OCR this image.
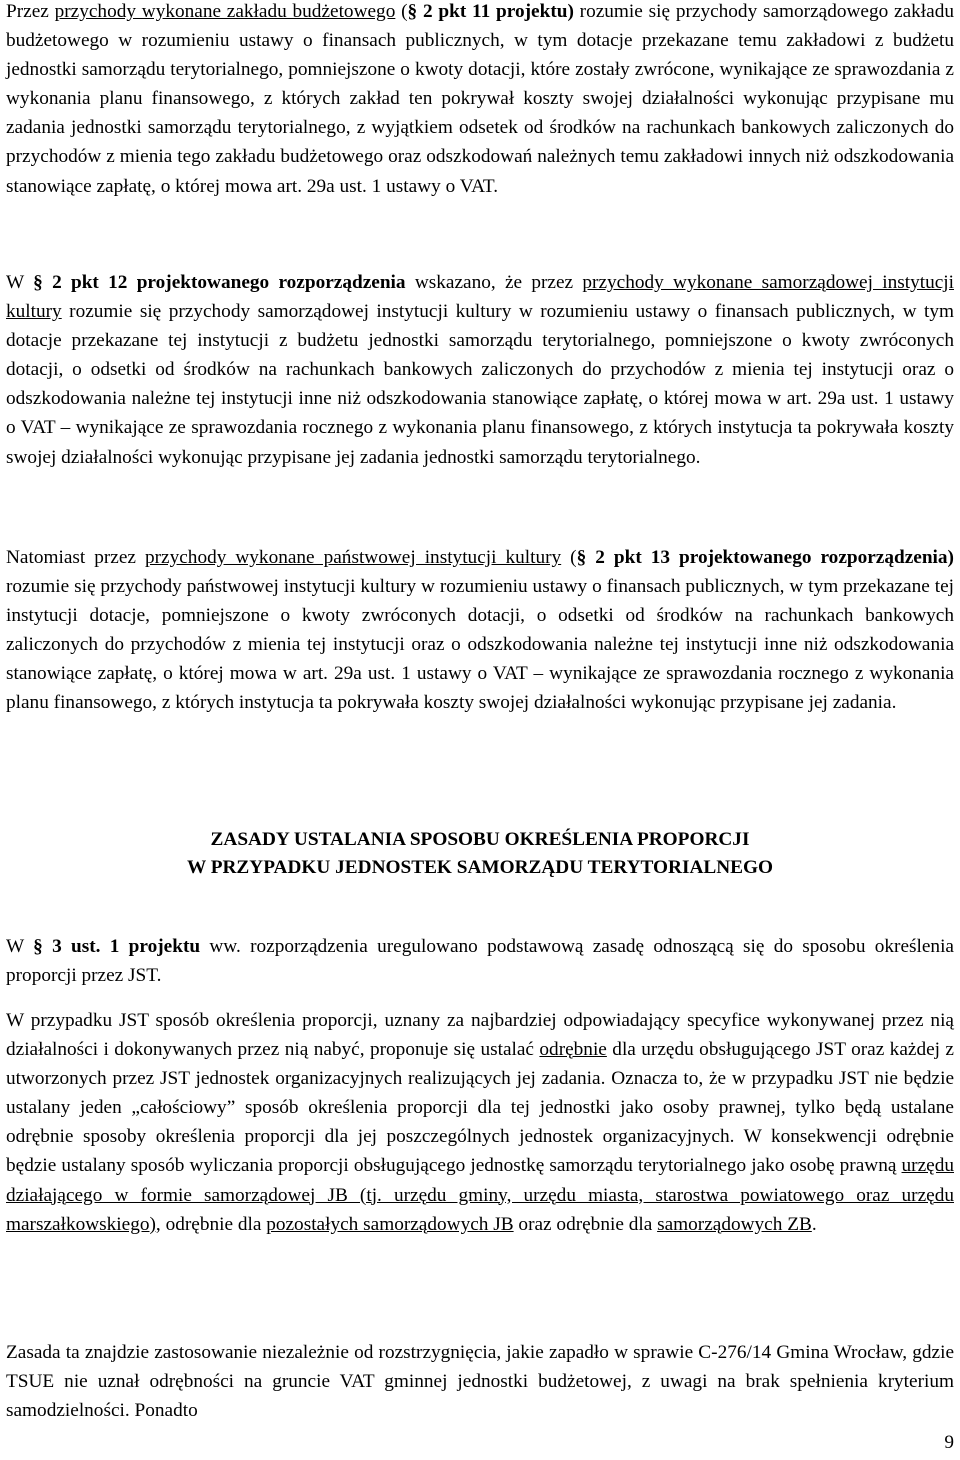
Przez przychody wykonane zakładu budżetowego (§ 2 pkt 11 projektu) rozumie się przychody samorządowego zakładu budżetowego w rozumieniu ustawy o finansach publicznych, w tym dotacje przekazane temu zakładowi z budżetu jednostki samorządu terytorialnego, pomniejszone o kwoty dotacji, które zostały zwrócone, wynikające ze sprawozdania z wykonania planu finansowego, z których zakład ten pokrywał koszty swojej działalności wykonując przypisane mu zadania jednostki samorządu terytorialnego, z wyjątkiem odsetek od środków na rachunkach bankowych zaliczonych do przychodów z mienia tego zakładu budżetowego oraz odszkodowań należnych temu zakładowi innych niż odszkodowania stanowiące zapłatę, o której mowa art. 29a ust. 1 ustawy o VAT.

W § 2 pkt 12 projektowanego rozporządzenia wskazano, że przez przychody wykonane samorządowej instytucji kultury rozumie się przychody samorządowej instytucji kultury w rozumieniu ustawy o finansach publicznych, w tym dotacje przekazane tej instytucji z budżetu jednostki samorządu terytorialnego, pomniejszone o kwoty zwróconych dotacji, o odsetki od środków na rachunkach bankowych zaliczonych do przychodów z mienia tej instytucji oraz o odszkodowania należne tej instytucji inne niż odszkodowania stanowiące zapłatę, o której mowa w art. 29a ust. 1 ustawy o VAT – wynikające ze sprawozdania rocznego z wykonania planu finansowego, z których instytucja ta pokrywała koszty swojej działalności wykonując przypisane jej zadania jednostki samorządu terytorialnego.

Natomiast przez przychody wykonane państwowej instytucji kultury (§ 2 pkt 13 projektowanego rozporządzenia) rozumie się przychody państwowej instytucji kultury w rozumieniu ustawy o finansach publicznych, w tym przekazane tej instytucji dotacje, pomniejszone o kwoty zwróconych dotacji, o odsetki od środków na rachunkach bankowych zaliczonych do przychodów z mienia tej instytucji oraz o odszkodowania należne tej instytucji inne niż odszkodowania stanowiące zapłatę, o której mowa w art. 29a ust. 1 ustawy o VAT – wynikające ze sprawozdania rocznego z wykonania planu finansowego, z których instytucja ta pokrywała koszty swojej działalności wykonując przypisane jej zadania.

ZASADY USTALANIA SPOSOBU OKREŚLENIA PROPORCJI
W PRZYPADKU JEDNOSTEK SAMORZĄDU TERYTORIALNEGO

W § 3 ust. 1 projektu ww. rozporządzenia uregulowano podstawową zasadę odnoszącą się do sposobu określenia proporcji przez JST.

W przypadku JST sposób określenia proporcji, uznany za najbardziej odpowiadający specyfice wykonywanej przez nią działalności i dokonywanych przez nią nabyć, proponuje się ustalać odrębnie dla urzędu obsługującego JST oraz każdej z utworzonych przez JST jednostek organizacyjnych realizujących jej zadania. Oznacza to, że w przypadku JST nie będzie ustalany jeden „całościowy” sposób określenia proporcji dla tej jednostki jako osoby prawnej, tylko będą ustalane odrębnie sposoby określenia proporcji dla jej poszczególnych jednostek organizacyjnych. W konsekwencji odrębnie będzie ustalany sposób wyliczania proporcji obsługującego jednostkę samorządu terytorialnego jako osobę prawną urzędu działającego w formie samorządowej JB (tj. urzędu gminy, urzędu miasta, starostwa powiatowego oraz urzędu marszałkowskiego), odrębnie dla pozostałych samorządowych JB oraz odrębnie dla samorządowych ZB.

Zasada ta znajdzie zastosowanie niezależnie od rozstrzygnięcia, jakie zapadło w sprawie C-276/14 Gmina Wrocław, gdzie TSUE nie uznał odrębności na gruncie VAT gminnej jednostki budżetowej, z uwagi na brak spełnienia kryterium samodzielności. Ponadto

9
